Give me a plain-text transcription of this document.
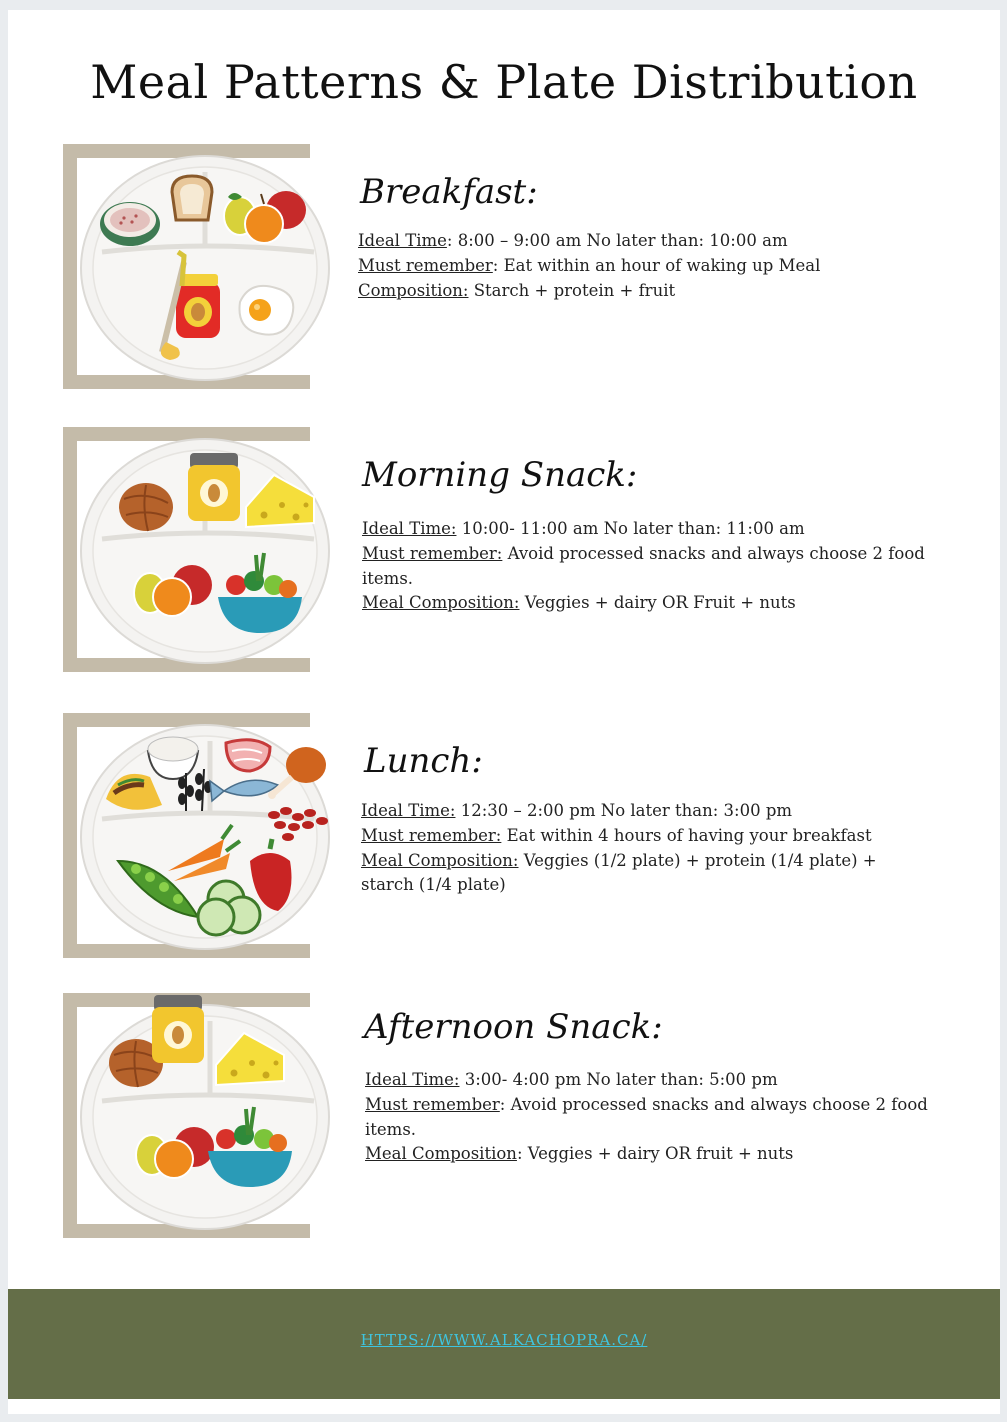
Meal Patterns & Plate Distribution
Breakfast:
Ideal Time: 8:00 – 9:00 am No later than: 10:00 am
Must remember: Eat within an hour of waking up Meal
Composition: Starch + protein + fruit
Morning Snack:
Ideal Time: 10:00- 11:00 am No later than: 11:00 am
Must remember: Avoid processed snacks and always choose 2 food items.
Meal Composition: Veggies + dairy OR Fruit + nuts
Lunch:
Ideal Time: 12:30 – 2:00 pm No later than: 3:00 pm
Must remember: Eat within 4 hours of having your breakfast
Meal Composition: Veggies (1/2 plate) + protein (1/4 plate) + starch (1/4 plate)
Afternoon Snack:
Ideal Time: 3:00- 4:00 pm No later than: 5:00 pm
Must remember: Avoid processed snacks and always choose 2 food items.
Meal Composition: Veggies + dairy OR fruit + nuts
HTTPS://WWW.ALKACHOPRA.CA/
